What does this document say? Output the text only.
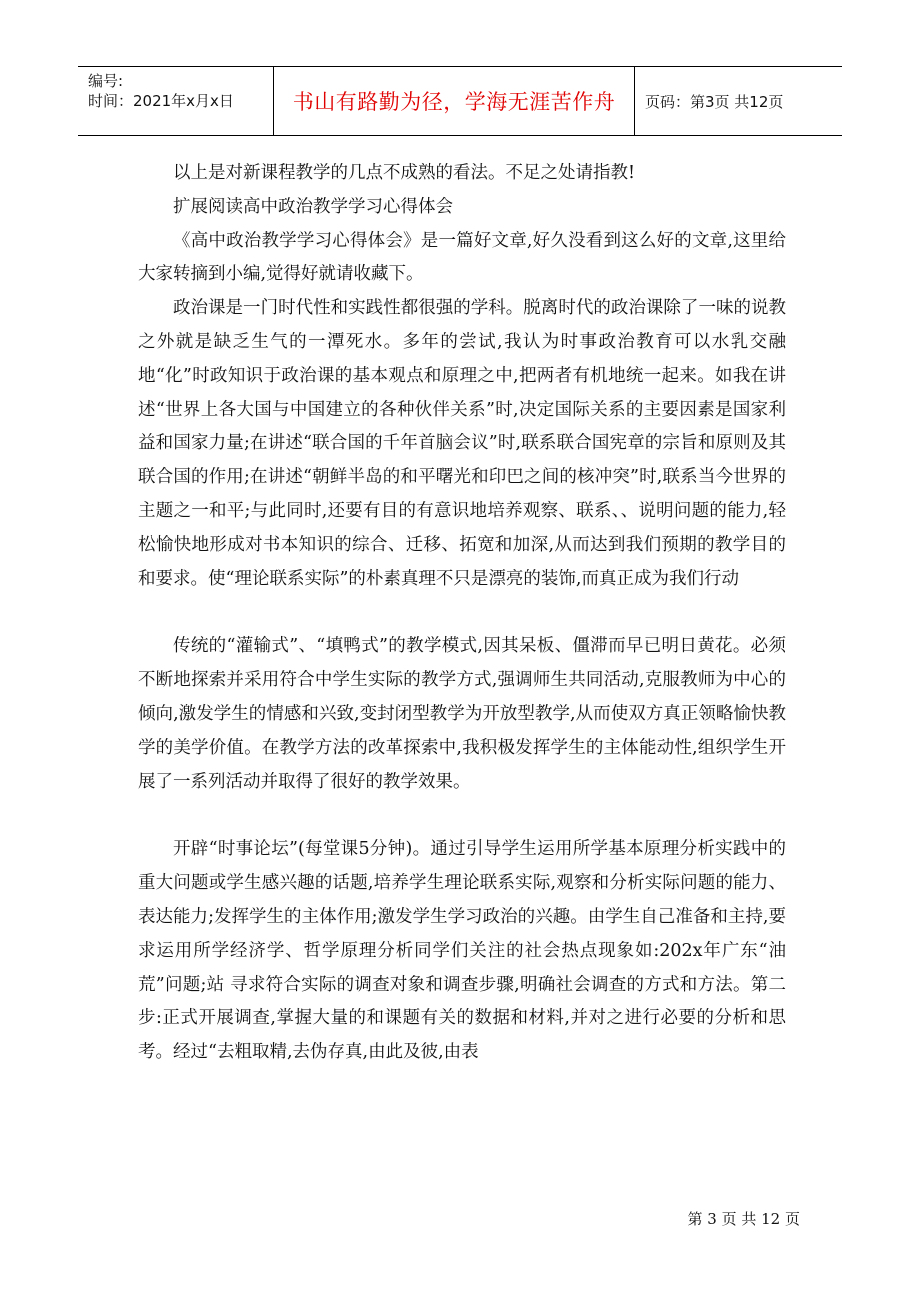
编号:
时间：2021年x月x日	书山有路勤为径，学海无涯苦作舟	页码：第3页 共12页

以上是对新课程教学的几点不成熟的看法。不足之处请指教!

扩展阅读高中政治教学学习心得体会

《高中政治教学学习心得体会》是一篇好文章,好久没看到这么好的文章,这里给大家转摘到小编,觉得好就请收藏下。

政治课是一门时代性和实践性都很强的学科。脱离时代的政治课除了一味的说教之外就是缺乏生气的一潭死水。多年的尝试,我认为时事政治教育可以水乳交融地“化”时政知识于政治课的基本观点和原理之中,把两者有机地统一起来。如我在讲述“世界上各大国与中国建立的各种伙伴关系”时,决定国际关系的主要因素是国家利益和国家力量;在讲述“联合国的千年首脑会议”时,联系联合国宪章的宗旨和原则及其联合国的作用;在讲述“朝鲜半岛的和平曙光和印巴之间的核冲突”时,联系当今世界的主题之一和平;与此同时,还要有目的有意识地培养观察、联系、、说明问题的能力,轻松愉快地形成对书本知识的综合、迁移、拓宽和加深,从而达到我们预期的教学目的和要求。使“理论联系实际”的朴素真理不只是漂亮的装饰,而真正成为我们行动

传统的“灌输式”、“填鸭式”的教学模式,因其呆板、僵滞而早已明日黄花。必须不断地探索并采用符合中学生实际的教学方式,强调师生共同活动,克服教师为中心的倾向,激发学生的情感和兴致,变封闭型教学为开放型教学,从而使双方真正领略愉快教学的美学价值。在教学方法的改革探索中,我积极发挥学生的主体能动性,组织学生开展了一系列活动并取得了很好的教学效果。

开辟“时事论坛”(每堂课5分钟)。通过引导学生运用所学基本原理分析实践中的重大问题或学生感兴趣的话题,培养学生理论联系实际,观察和分析实际问题的能力、表达能力;发挥学生的主体作用;激发学生学习政治的兴趣。由学生自己准备和主持,要求运用所学经济学、哲学原理分析同学们关注的社会热点现象如:202x年广东“油荒”问题;站 寻求符合实际的调查对象和调查步骤,明确社会调查的方式和方法。第二步:正式开展调查,掌握大量的和课题有关的数据和材料,并对之进行必要的分析和思考。经过“去粗取精,去伪存真,由此及彼,由表

第 3 页 共 12 页
